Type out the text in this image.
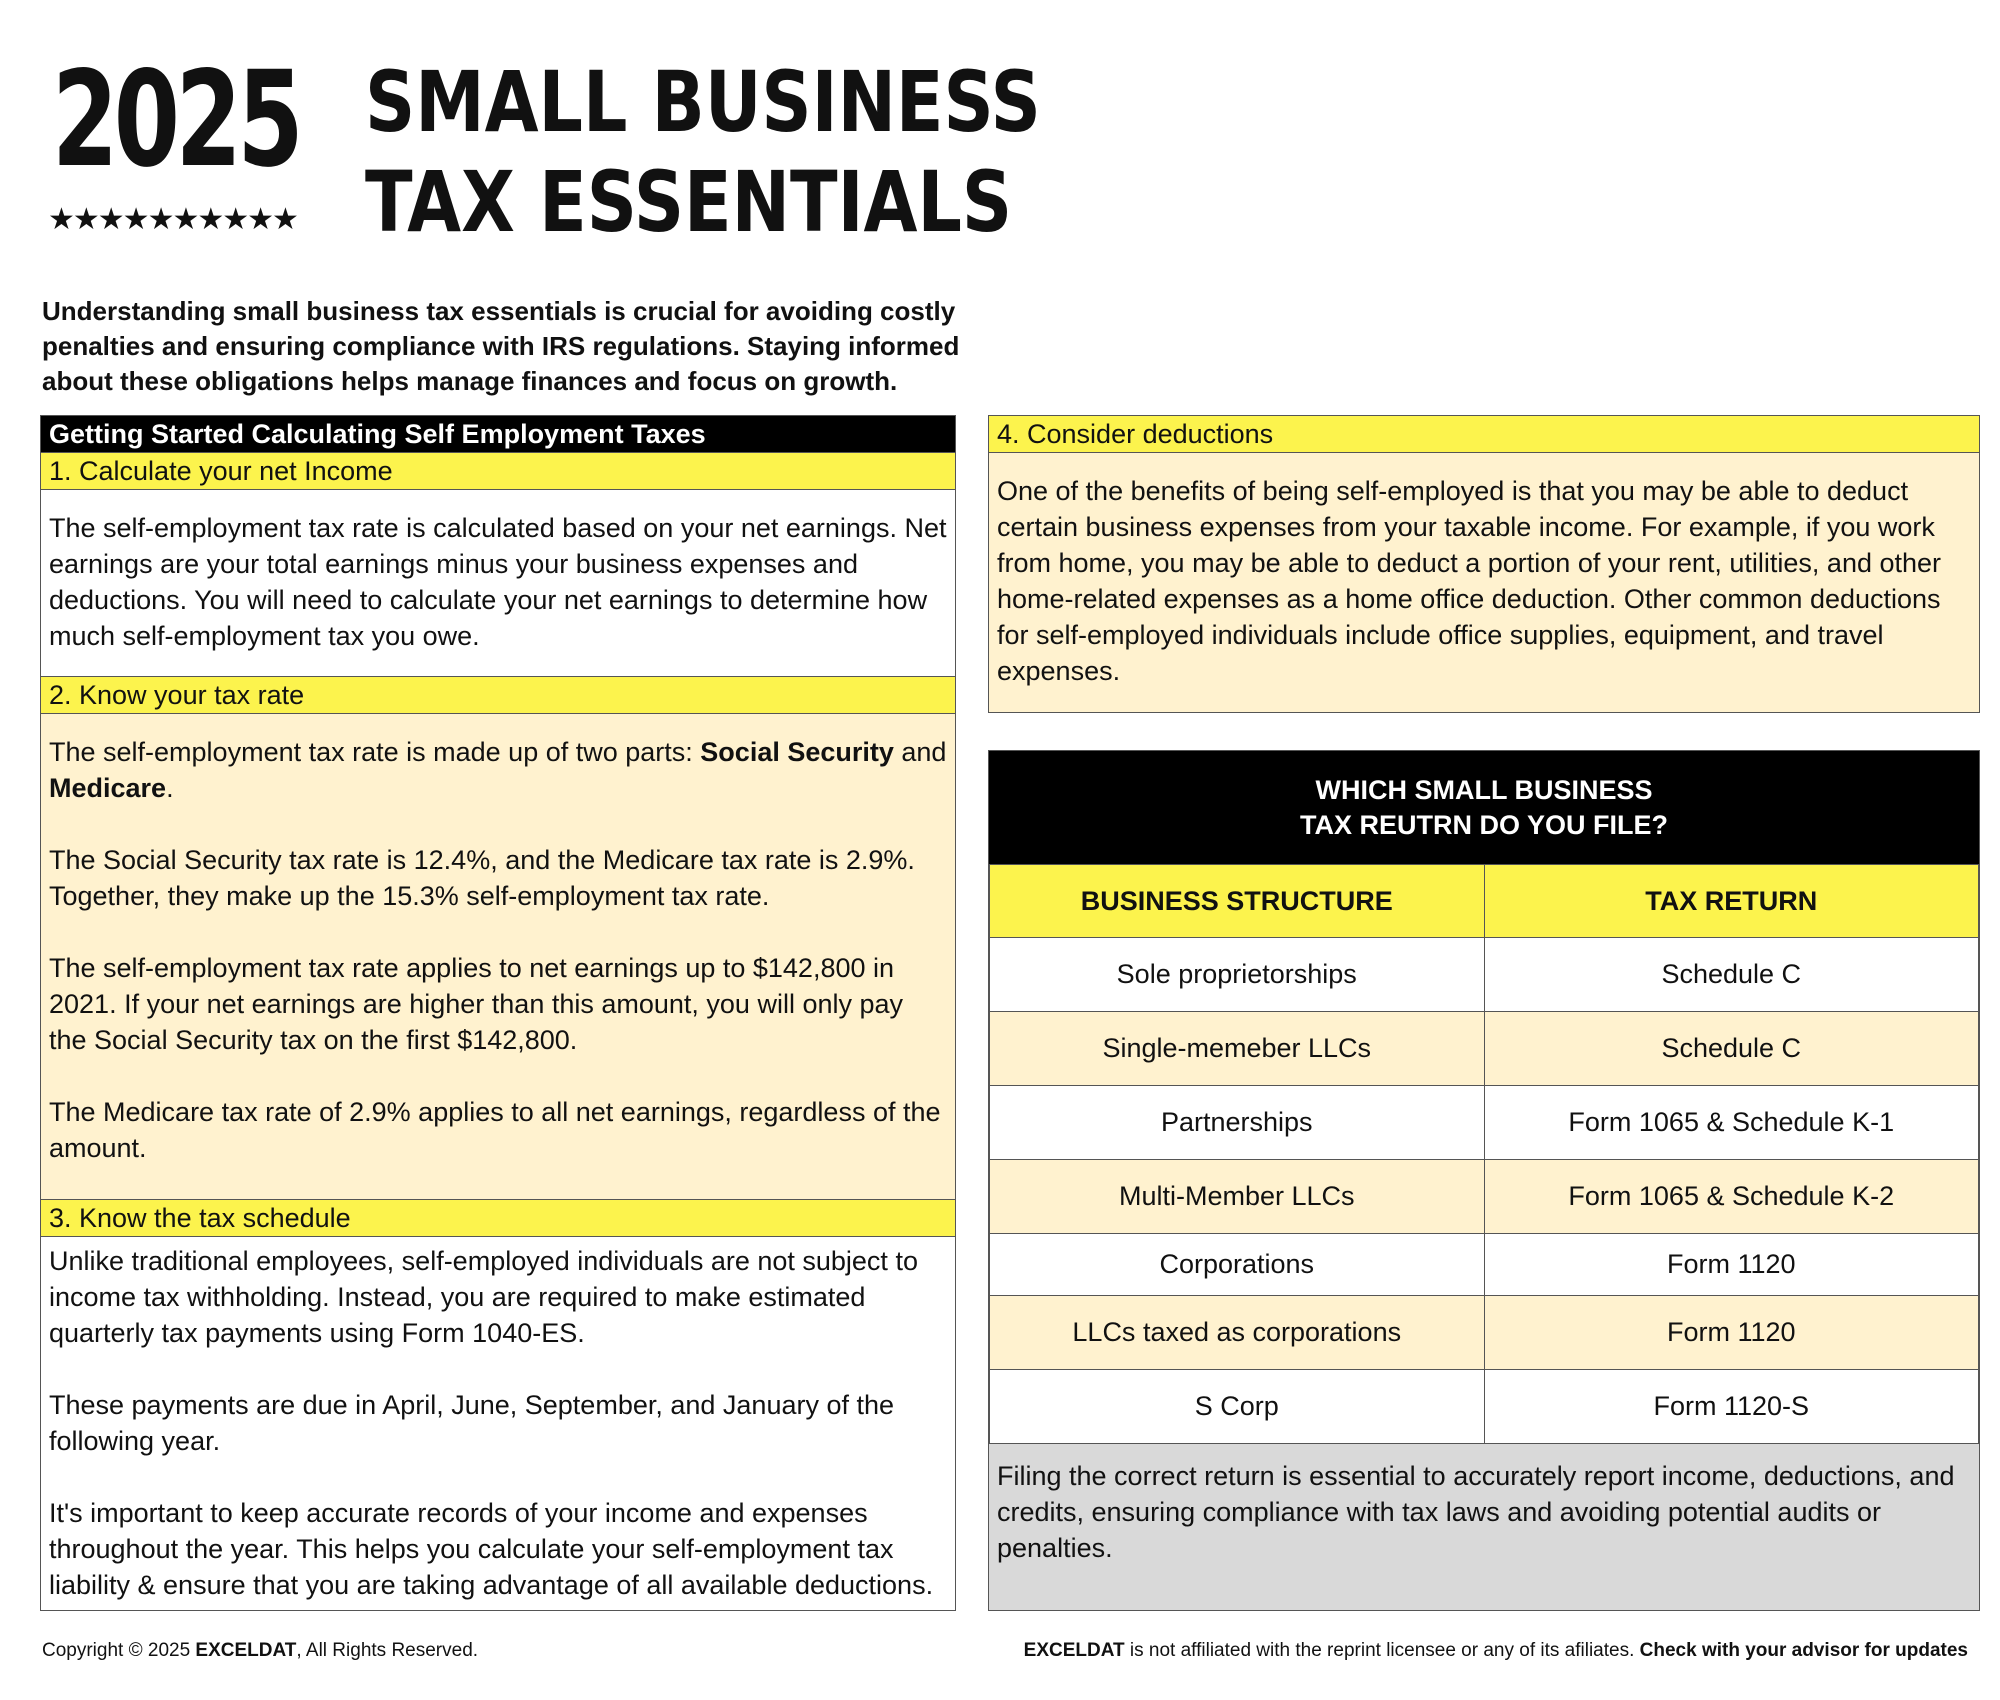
2025
★★★★★★★★★★
SMALL BUSINESS
TAX ESSENTIALS
Understanding small business tax essentials is crucial for avoiding costly penalties and ensuring compliance with IRS regulations. Staying informed about these obligations helps manage finances and focus on growth.
Getting Started Calculating Self Employment Taxes
1. Calculate your net Income

The self-employment tax rate is calculated based on your net earnings. Net earnings are your total earnings minus your business expenses and deductions. You will need to calculate your net earnings to determine how much self-employment tax you owe.

2. Know your tax rate

The self-employment tax rate is made up of two parts: Social Security and Medicare.

The Social Security tax rate is 12.4%, and the Medicare tax rate is 2.9%. Together, they make up the 15.3% self-employment tax rate.

The self-employment tax rate applies to net earnings up to $142,800 in 2021. If your net earnings are higher than this amount, you will only pay the Social Security tax on the first $142,800.

The Medicare tax rate of 2.9% applies to all net earnings, regardless of the amount.

3. Know the tax schedule

Unlike traditional employees, self-employed individuals are not subject to income tax withholding. Instead, you are required to make estimated quarterly tax payments using Form 1040-ES.

These payments are due in April, June, September, and January of the following year.

It's important to keep accurate records of your income and expenses throughout the year. This helps you calculate your self-employment tax liability & ensure that you are taking advantage of all available deductions.

4. Consider deductions

One of the benefits of being self-employed is that you may be able to deduct certain business expenses from your taxable income. For example, if you work from home, you may be able to deduct a portion of your rent, utilities, and other home-related expenses as a home office deduction. Other common deductions for self-employed individuals include office supplies, equipment, and travel expenses.

WHICH SMALL BUSINESS
TAX REUTRN DO YOU FILE?
BUSINESS STRUCTURE	TAX RETURN
Sole proprietorships	Schedule C
Single-memeber LLCs	Schedule C
Partnerships	Form 1065 & Schedule K-1
Multi-Member LLCs	Form 1065 & Schedule K-2
Corporations	Form 1120
LLCs taxed as corporations	Form 1120
S Corp	Form 1120-S

Filing the correct return is essential to accurately report income, deductions, and credits, ensuring compliance with tax laws and avoiding potential audits or penalties.

Copyright © 2025 EXCELDAT, All Rights Reserved.	EXCELDAT is not affiliated with the reprint licensee or any of its afiliates. Check with your advisor for updates
